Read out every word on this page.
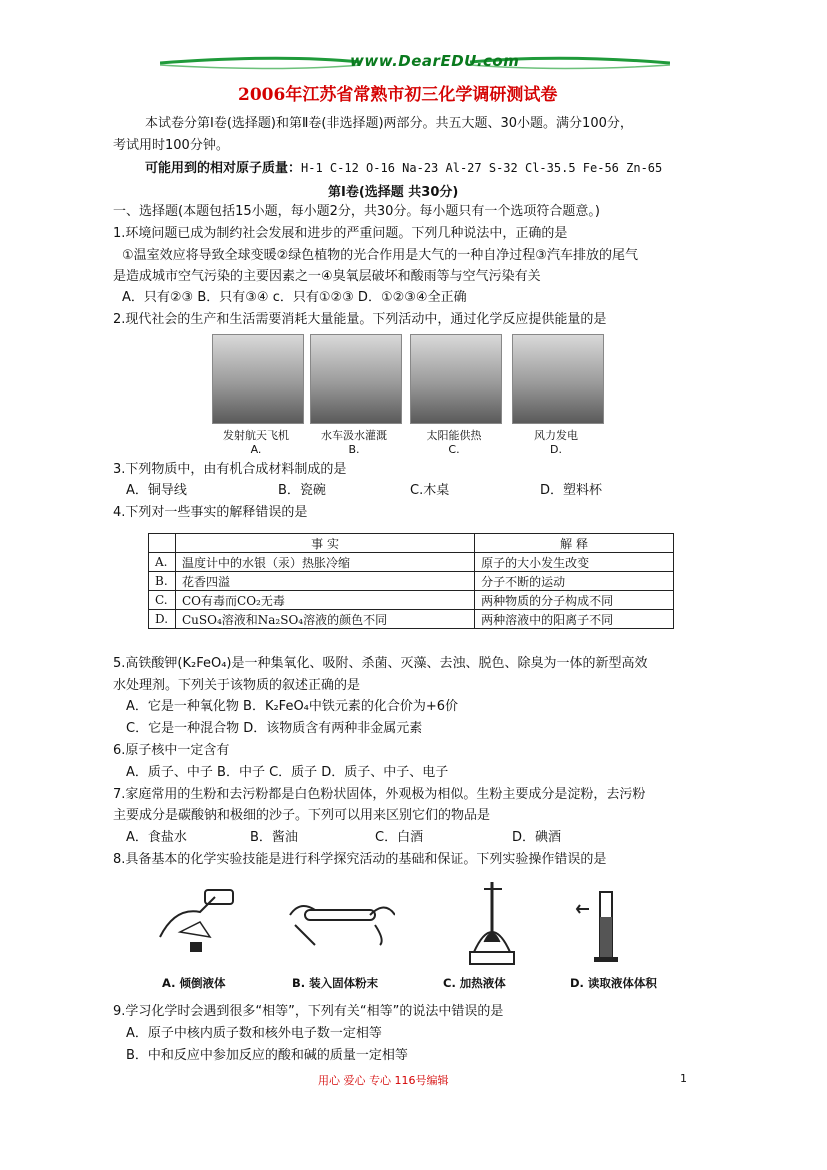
www.DearEDU.com
2006年江苏省常熟市初三化学调研测试卷
本试卷分第Ⅰ卷(选择题)和第Ⅱ卷(非选择题)两部分。共五大题、30小题。满分100分，
考试用时100分钟。
可能用到的相对原子质量：H-1 C-12 O-16 Na-23 Al-27 S-32 Cl-35.5 Fe-56 Zn-65
第Ⅰ卷(选择题 共30分)
一、选择题(本题包括15小题，每小题2分，共30分。每小题只有一个选项符合题意。)
1.环境问题已成为制约社会发展和进步的严重问题。下列几种说法中，正确的是
①温室效应将导致全球变暖②绿色植物的光合作用是大气的一种自净过程③汽车排放的尾气
是造成城市空气污染的主要因素之一④臭氧层破坏和酸雨等与空气污染有关
A．只有②③ B．只有③④ c．只有①②③ D．①②③④全正确
2.现代社会的生产和生活需要消耗大量能量。下列活动中，通过化学反应提供能量的是
发射航天飞机
A.
水车汲水灌溉
B.
太阳能供热
C.
风力发电
D.
3.下列物质中，由有机合成材料制成的是
A．铜导线	B．瓷碗	C.木桌	D．塑料杯
4.下列对一些事实的解释错误的是
	事 实	解 释
A.	温度计中的水银（汞）热胀冷缩	原子的大小发生改变
B.	花香四溢	分子不断的运动
C.	CO有毒而CO₂无毒	两种物质的分子构成不同
D.	CuSO₄溶液和Na₂SO₄溶液的颜色不同	两种溶液中的阳离子不同
5.高铁酸钾(K₂FeO₄)是一种集氧化、吸附、杀菌、灭藻、去浊、脱色、除臭为一体的新型高效
水处理剂。下列关于该物质的叙述正确的是
A．它是一种氧化物 B．K₂FeO₄中铁元素的化合价为+6价
C．它是一种混合物 D．该物质含有两种非金属元素
6.原子核中一定含有
A．质子、中子 B．中子 C．质子 D．质子、中子、电子
7.家庭常用的生粉和去污粉都是白色粉状固体，外观极为相似。生粉主要成分是淀粉，去污粉
主要成分是碳酸钠和极细的沙子。下列可以用来区别它们的物品是
A．食盐水	B．酱油	C．白酒	D．碘酒
8.具备基本的化学实验技能是进行科学探究活动的基础和保证。下列实验操作错误的是
A. 倾倒液体	B. 装入固体粉末	C. 加热液体	D. 读取液体体积
9.学习化学时会遇到很多“相等”，下列有关“相等”的说法中错误的是
A．原子中核内质子数和核外电子数一定相等
B．中和反应中参加反应的酸和碱的质量一定相等
用心 爱心 专心 116号编辑	1
